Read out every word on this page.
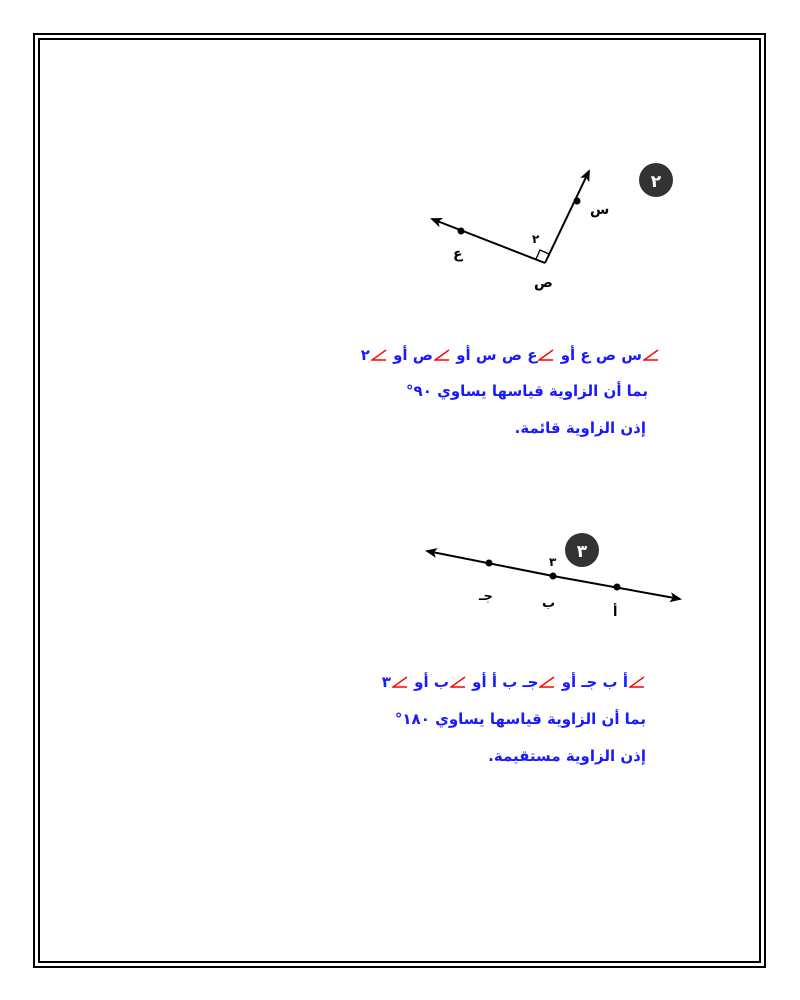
٢
س
ع
ص
٢
٣
٣
ب
أ
جـ
س ص ع أو
ع ص س أو
ص أو
٢
بما أن الزاوية قياسها يساوي ٩٠°
إذن الزاوية قائمة.
أ ب جـ أو
جـ ب أ أو
ب أو
٣
بما أن الزاوية قياسها يساوي ١٨٠°
إذن الزاوية مستقيمة.
